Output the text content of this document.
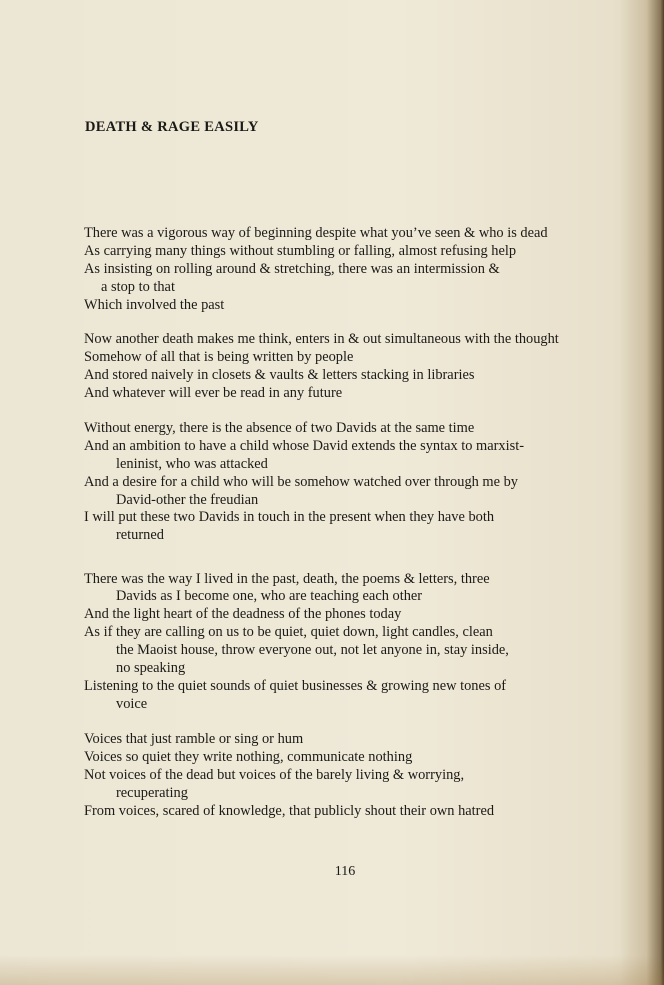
DEATH & RAGE EASILY
There was a vigorous way of beginning despite what you’ve seen & who is dead
As carrying many things without stumbling or falling, almost refusing help
As insisting on rolling around & stretching, there was an intermission &
a stop to that
Which involved the past
Now another death makes me think, enters in & out simultaneous with the thought
Somehow of all that is being written by people
And stored naively in closets & vaults & letters stacking in libraries
And whatever will ever be read in any future
Without energy, there is the absence of two Davids at the same time
And an ambition to have a child whose David extends the syntax to marxist-
leninist, who was attacked
And a desire for a child who will be somehow watched over through me by
David-other the freudian
I will put these two Davids in touch in the present when they have both
returned
There was the way I lived in the past, death, the poems & letters, three
Davids as I become one, who are teaching each other
And the light heart of the deadness of the phones today
As if they are calling on us to be quiet, quiet down, light candles, clean
the Maoist house, throw everyone out, not let anyone in, stay inside,
no speaking
Listening to the quiet sounds of quiet businesses & growing new tones of
voice
Voices that just ramble or sing or hum
Voices so quiet they write nothing, communicate nothing
Not voices of the dead but voices of the barely living & worrying,
recuperating
From voices, scared of knowledge, that publicly shout their own hatred
116
